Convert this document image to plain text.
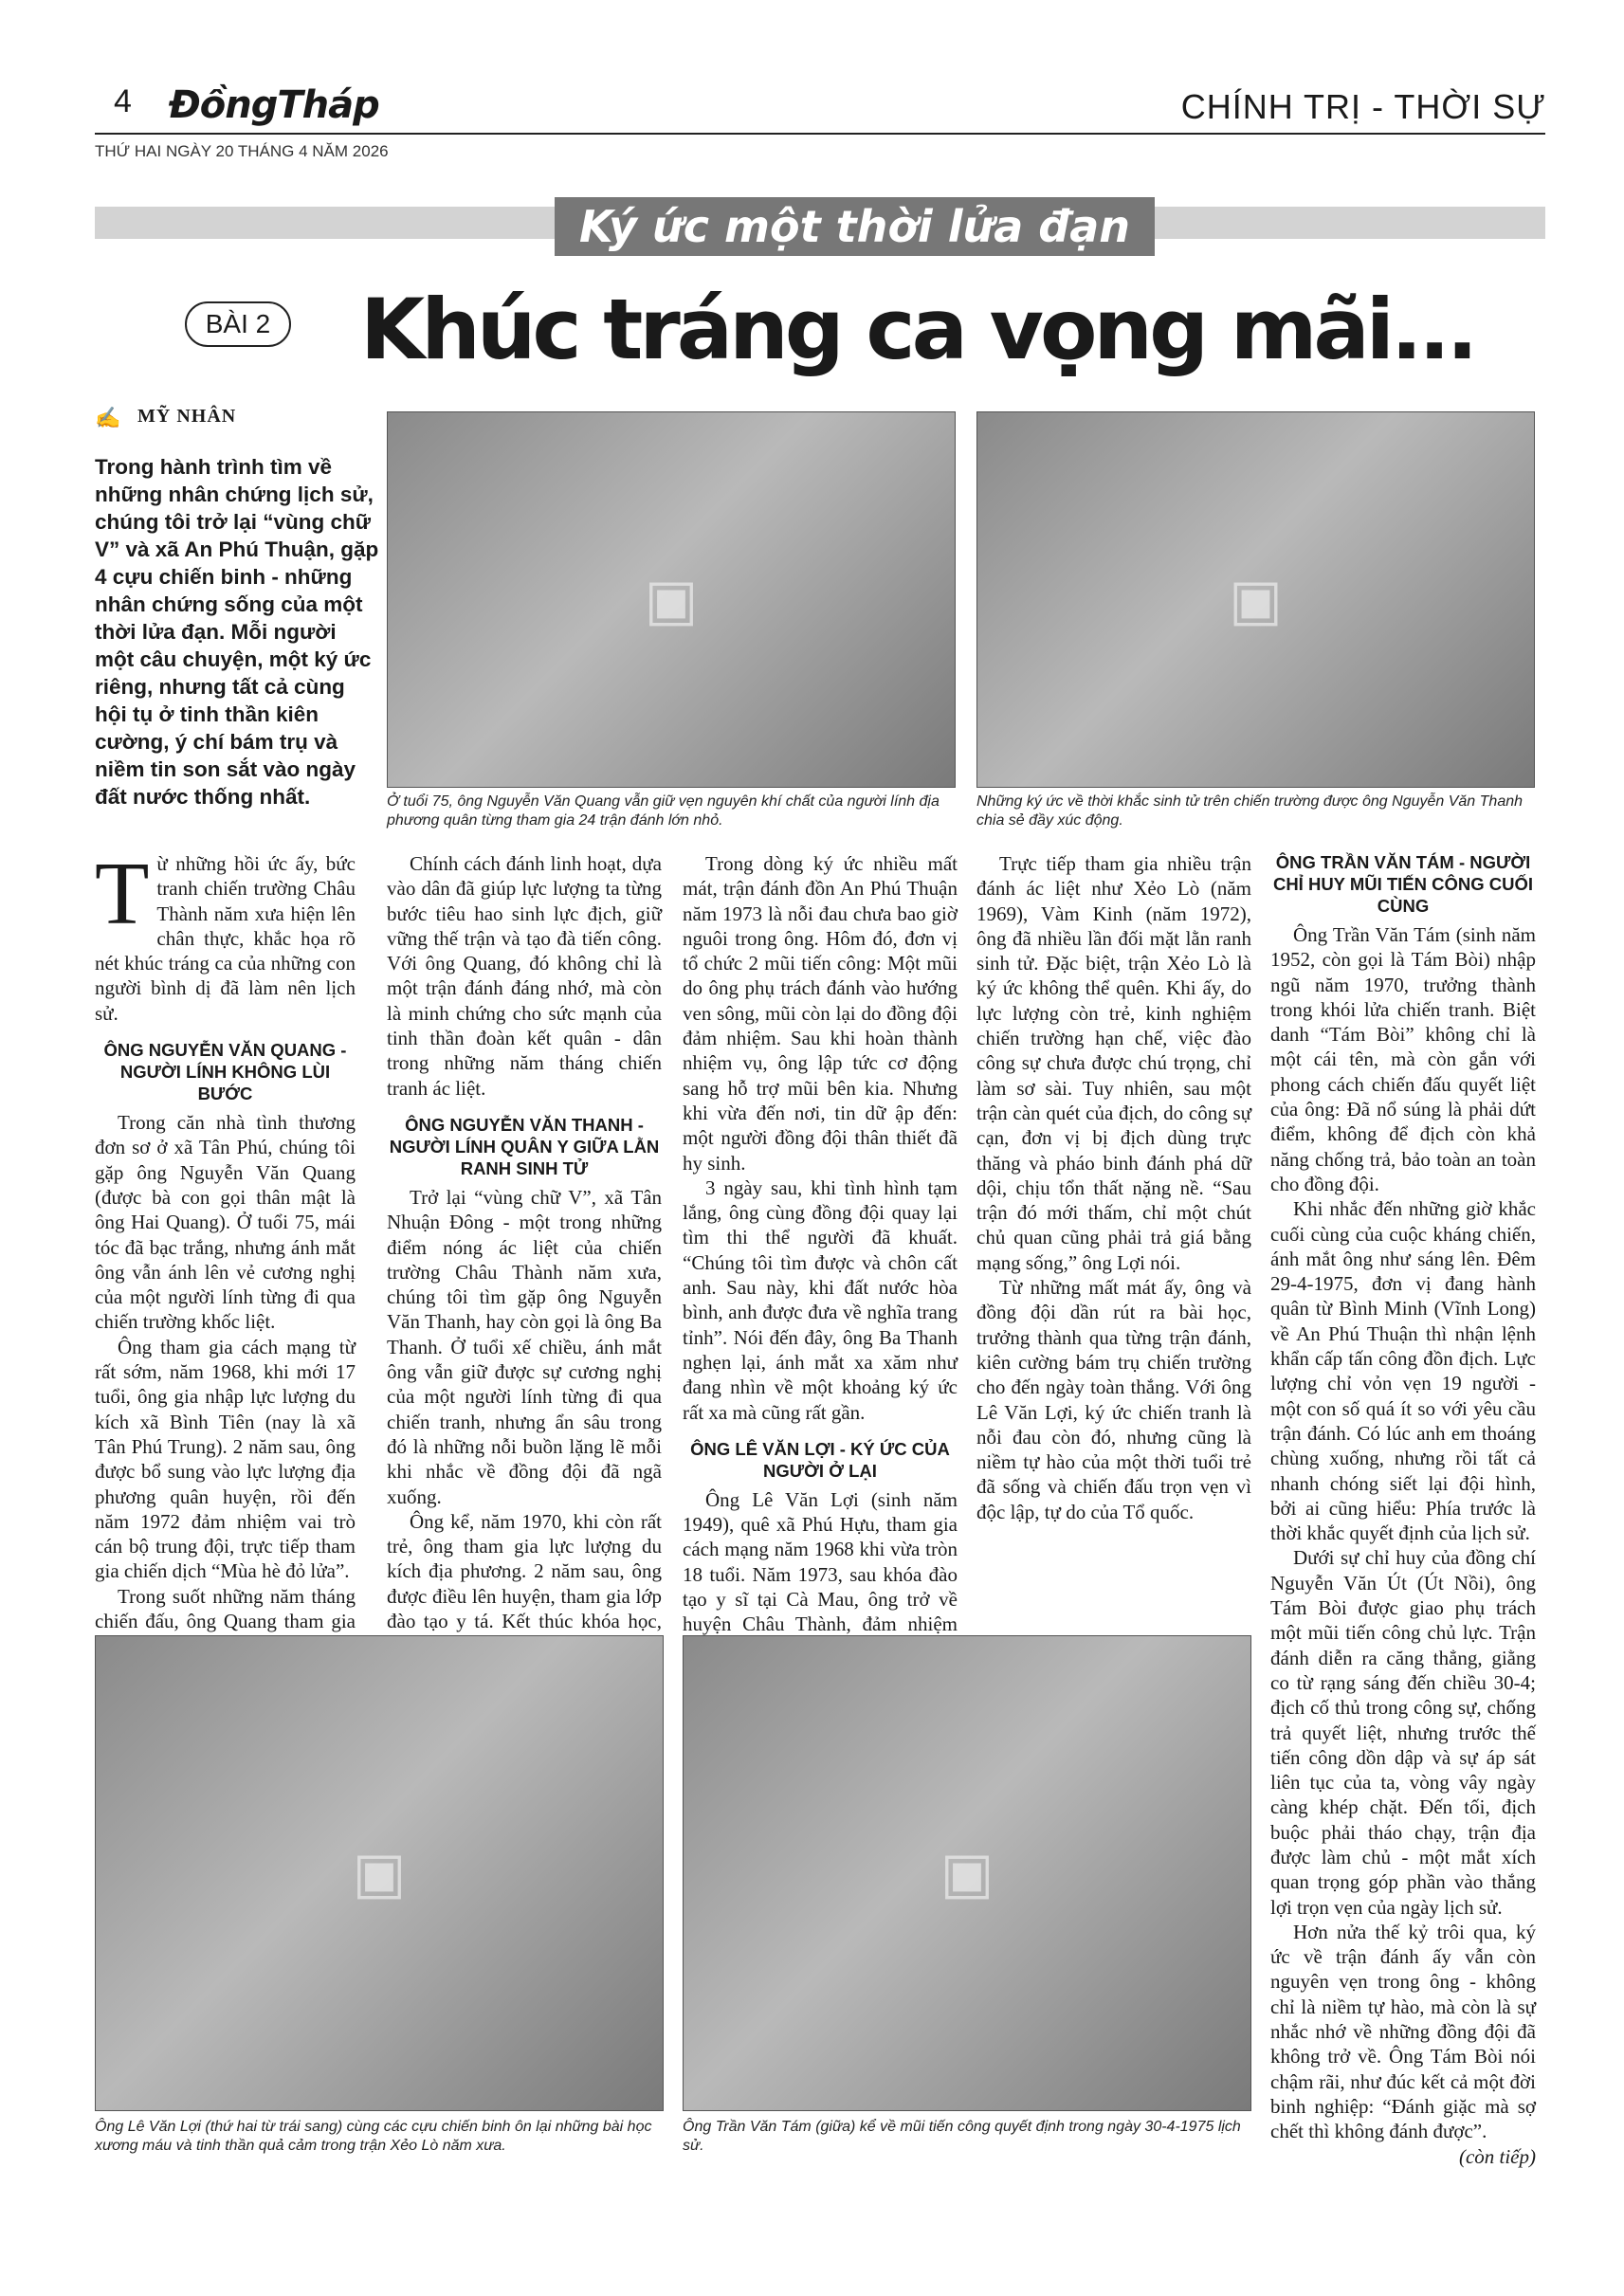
4 ĐồngTháp	CHÍNH TRỊ - THỜI SỰ
THỨ HAI NGÀY 20 THÁNG 4 NĂM 2026
Ký ức một thời lửa đạn
BÀI 2 Khúc tráng ca vọng mãi...
✍ MỸ NHÂN
Trong hành trình tìm về những nhân chứng lịch sử, chúng tôi trở lại “vùng chữ V” và xã An Phú Thuận, gặp 4 cựu chiến binh - những nhân chứng sống của một thời lửa đạn. Mỗi người một câu chuyện, một ký ức riêng, nhưng tất cả cùng hội tụ ở tinh thần kiên cường, ý chí bám trụ và niềm tin son sắt vào ngày đất nước thống nhất.
▣
Ở tuổi 75, ông Nguyễn Văn Quang vẫn giữ vẹn nguyên khí chất của người lính địa phương quân từng tham gia 24 trận đánh lớn nhỏ.
▣
Những ký ức về thời khắc sinh tử trên chiến trường được ông Nguyễn Văn Thanh chia sẻ đầy xúc động.

Từ những hồi ức ấy, bức tranh chiến trường Châu Thành năm xưa hiện lên chân thực, khắc họa rõ nét khúc tráng ca của những con người bình dị đã làm nên lịch sử.

ÔNG NGUYỄN VĂN QUANG - NGƯỜI LÍNH KHÔNG LÙI BƯỚC

Trong căn nhà tình thương đơn sơ ở xã Tân Phú, chúng tôi gặp ông Nguyễn Văn Quang (được bà con gọi thân mật là ông Hai Quang). Ở tuổi 75, mái tóc đã bạc trắng, nhưng ánh mắt ông vẫn ánh lên vẻ cương nghị của một người lính từng đi qua chiến trường khốc liệt.

Ông tham gia cách mạng từ rất sớm, năm 1968, khi mới 17 tuổi, ông gia nhập lực lượng du kích xã Bình Tiên (nay là xã Tân Phú Trung). 2 năm sau, ông được bổ sung vào lực lượng địa phương quân huyện, rồi đến năm 1972 đảm nhiệm vai trò cán bộ trung đội, trực tiếp tham gia chiến dịch “Mùa hè đỏ lửa”.

Trong suốt những năm tháng chiến đấu, ông Quang tham gia

Chính cách đánh linh hoạt, dựa vào dân đã giúp lực lượng ta từng bước tiêu hao sinh lực địch, giữ vững thế trận và tạo đà tiến công. Với ông Quang, đó không chỉ là một trận đánh đáng nhớ, mà còn là minh chứng cho sức mạnh của tinh thần đoàn kết quân - dân trong những năm tháng chiến tranh ác liệt.

ÔNG NGUYỄN VĂN THANH - NGƯỜI LÍNH QUÂN Y GIỮA LẰN RANH SINH TỬ

Trở lại “vùng chữ V”, xã Tân Nhuận Đông - một trong những điểm nóng ác liệt của chiến trường Châu Thành năm xưa, chúng tôi tìm gặp ông Nguyễn Văn Thanh, hay còn gọi là ông Ba Thanh. Ở tuổi xế chiều, ánh mắt ông vẫn giữ được sự cương nghị của một người lính từng đi qua chiến tranh, nhưng ẩn sâu trong đó là những nỗi buồn lặng lẽ mỗi khi nhắc về đồng đội đã ngã xuống.

Ông kể, năm 1970, khi còn rất trẻ, ông tham gia lực lượng du kích địa phương. 2 năm sau, ông được điều lên huyện, tham gia lớp đào tạo y tá. Kết thúc khóa học,

Trong dòng ký ức nhiều mất mát, trận đánh đồn An Phú Thuận năm 1973 là nỗi đau chưa bao giờ nguôi trong ông. Hôm đó, đơn vị tổ chức 2 mũi tiến công: Một mũi do ông phụ trách đánh vào hướng ven sông, mũi còn lại do đồng đội đảm nhiệm. Sau khi hoàn thành nhiệm vụ, ông lập tức cơ động sang hỗ trợ mũi bên kia. Nhưng khi vừa đến nơi, tin dữ ập đến: một người đồng đội thân thiết đã hy sinh.

3 ngày sau, khi tình hình tạm lắng, ông cùng đồng đội quay lại tìm thi thể người đã khuất. “Chúng tôi tìm được và chôn cất anh. Sau này, khi đất nước hòa bình, anh được đưa về nghĩa trang tỉnh”. Nói đến đây, ông Ba Thanh nghẹn lại, ánh mắt xa xăm như đang nhìn về một khoảng ký ức rất xa mà cũng rất gần.

ÔNG LÊ VĂN LỢI - KÝ ỨC CỦA NGƯỜI Ở LẠI

Ông Lê Văn Lợi (sinh năm 1949), quê xã Phú Hựu, tham gia cách mạng năm 1968 khi vừa tròn 18 tuổi. Năm 1973, sau khóa đào tạo y sĩ tại Cà Mau, ông trở về huyện Châu Thành, đảm nhiệm

Trực tiếp tham gia nhiều trận đánh ác liệt như Xẻo Lò (năm 1969), Vàm Kinh (năm 1972), ông đã nhiều lần đối mặt lằn ranh sinh tử. Đặc biệt, trận Xẻo Lò là ký ức không thể quên. Khi ấy, do lực lượng còn trẻ, kinh nghiệm chiến trường hạn chế, việc đào công sự chưa được chú trọng, chỉ làm sơ sài. Tuy nhiên, sau một trận càn quét của địch, do công sự cạn, đơn vị bị địch dùng trực thăng và pháo binh đánh phá dữ dội, chịu tổn thất nặng nề. “Sau trận đó mới thấm, chỉ một chút chủ quan cũng phải trả giá bằng mạng sống,” ông Lợi nói.

Từ những mất mát ấy, ông và đồng đội dần rút ra bài học, trưởng thành qua từng trận đánh, kiên cường bám trụ chiến trường cho đến ngày toàn thắng. Với ông Lê Văn Lợi, ký ức chiến tranh là nỗi đau còn đó, nhưng cũng là niềm tự hào của một thời tuổi trẻ đã sống và chiến đấu trọn vẹn vì độc lập, tự do của Tổ quốc.

ÔNG TRẦN VĂN TÁM - NGƯỜI CHỈ HUY MŨI TIẾN CÔNG CUỐI CÙNG

Ông Trần Văn Tám (sinh năm 1952, còn gọi là Tám Bòi) nhập ngũ năm 1970, trưởng thành trong khói lửa chiến tranh. Biệt danh “Tám Bòi” không chỉ là một cái tên, mà còn gắn với phong cách chiến đấu quyết liệt của ông: Đã nổ súng là phải dứt điểm, không để địch còn khả năng chống trả, bảo toàn an toàn cho đồng đội.

Khi nhắc đến những giờ khắc cuối cùng của cuộc kháng chiến, ánh mắt ông như sáng lên. Đêm 29-4-1975, đơn vị đang hành quân từ Bình Minh (Vĩnh Long) về An Phú Thuận thì nhận lệnh khẩn cấp tấn công đồn địch. Lực lượng chỉ vỏn vẹn 19 người - một con số quá ít so với yêu cầu trận đánh. Có lúc anh em thoáng chùng xuống, nhưng rồi tất cả nhanh chóng siết lại đội hình, bởi ai cũng hiểu: Phía trước là thời khắc quyết định của lịch sử.

Dưới sự chỉ huy của đồng chí Nguyễn Văn Út (Út Nồi), ông Tám Bòi được giao phụ trách một mũi tiến công chủ lực. Trận đánh diễn ra căng thẳng, giằng co từ rạng sáng đến chiều 30-4; địch cố thủ trong công sự, chống trả quyết liệt, nhưng trước thế tiến công dồn dập và sự áp sát liên tục của ta, vòng vây ngày càng khép chặt. Đến tối, địch buộc phải tháo chạy, trận địa được làm chủ - một mắt xích quan trọng góp phần vào thắng lợi trọn vẹn của ngày lịch sử.

Hơn nửa thế kỷ trôi qua, ký ức về trận đánh ấy vẫn còn nguyên vẹn trong ông - không chỉ là niềm tự hào, mà còn là sự nhắc nhớ về những đồng đội đã không trở về. Ông Tám Bòi nói chậm rãi, như đúc kết cả một đời binh nghiệp: “Đánh giặc mà sợ chết thì không đánh được”.

(còn tiếp)

▣
Ông Lê Văn Lợi (thứ hai từ trái sang) cùng các cựu chiến binh ôn lại những bài học xương máu và tinh thần quả cảm trong trận Xẻo Lò năm xưa.
▣
Ông Trần Văn Tám (giữa) kể về mũi tiến công quyết định trong ngày 30-4-1975 lịch sử.
